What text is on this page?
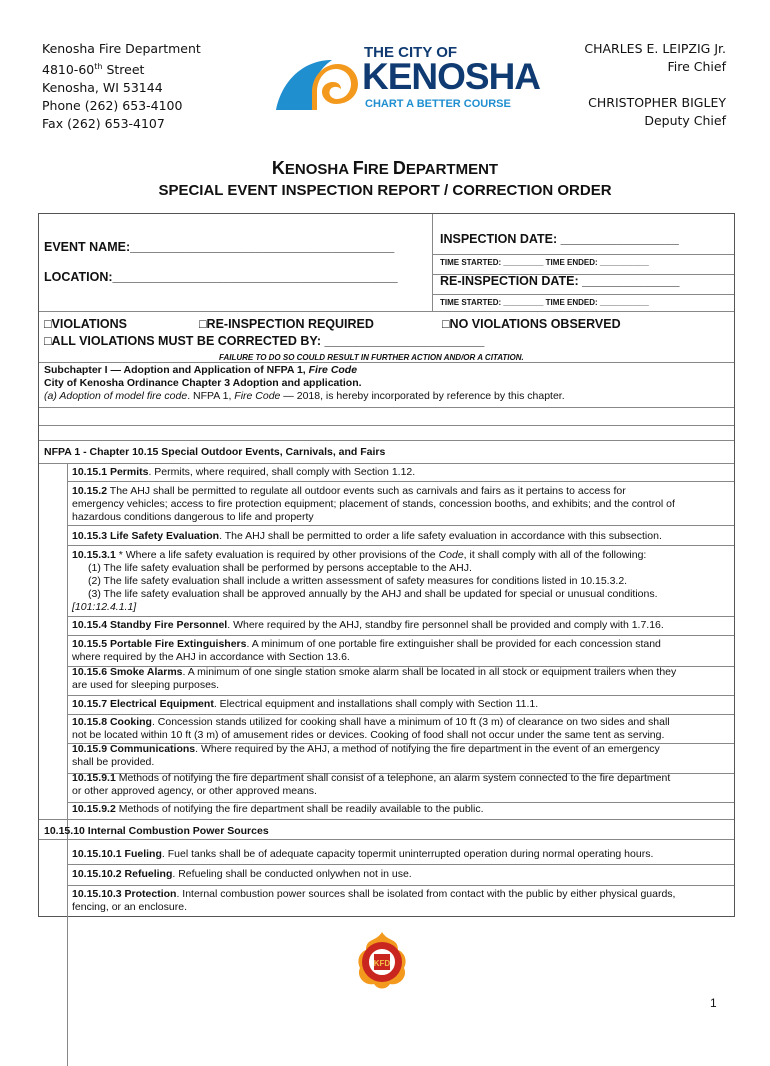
Kenosha Fire Department
4810-60th Street
Kenosha, WI 53144
Phone (262) 653-4100
Fax (262) 653-4107
THE CITY OF
KENOSHA
CHART A BETTER COURSE
CHARLES E. LEIPZIG Jr.
Fire Chief
CHRISTOPHER BIGLEY
Deputy Chief
KENOSHA FIRE DEPARTMENT
SPECIAL EVENT INSPECTION REPORT / CORRECTION ORDER
EVENT NAME:______________________________________
LOCATION:_________________________________________
INSPECTION DATE: _________________
TIME STARTED: _________ TIME ENDED: ___________
RE-INSPECTION DATE: ______________
TIME STARTED: _________ TIME ENDED: ___________
□VIOLATIONS	□RE-INSPECTION REQUIRED	□NO VIOLATIONS OBSERVED
□ALL VIOLATIONS MUST BE CORRECTED BY: _______________________
FAILURE TO DO SO COULD RESULT IN FURTHER ACTION AND/OR A CITATION.
Subchapter I — Adoption and Application of NFPA 1, Fire Code
City of Kenosha Ordinance Chapter 3 Adoption and application.
(a) Adoption of model fire code. NFPA 1, Fire Code — 2018, is hereby incorporated by reference by this chapter.
NFPA 1 - Chapter 10.15 Special Outdoor Events, Carnivals, and Fairs
10.15.10 Internal Combustion Power Sources
10.15.1 Permits. Permits, where required, shall comply with Section 1.12.
10.15.2 The AHJ shall be permitted to regulate all outdoor events such as carnivals and fairs as it pertains to access for
emergency vehicles; access to fire protection equipment; placement of stands, concession booths, and exhibits; and the control of
hazardous conditions dangerous to life and property
10.15.3 Life Safety Evaluation. The AHJ shall be permitted to order a life safety evaluation in accordance with this subsection.
10.15.3.1 * Where a life safety evaluation is required by other provisions of the Code, it shall comply with all of the following:
(1) The life safety evaluation shall be performed by persons acceptable to the AHJ.
(2) The life safety evaluation shall include a written assessment of safety measures for conditions listed in 10.15.3.2.
(3) The life safety evaluation shall be approved annually by the AHJ and shall be updated for special or unusual conditions.
[101:12.4.1.1]
10.15.4 Standby Fire Personnel. Where required by the AHJ, standby fire personnel shall be provided and comply with 1.7.16.
10.15.5 Portable Fire Extinguishers. A minimum of one portable fire extinguisher shall be provided for each concession stand
where required by the AHJ in accordance with Section 13.6.
10.15.6 Smoke Alarms. A minimum of one single station smoke alarm shall be located in all stock or equipment trailers when they
are used for sleeping purposes.
10.15.7 Electrical Equipment. Electrical equipment and installations shall comply with Section 11.1.
10.15.8 Cooking. Concession stands utilized for cooking shall have a minimum of 10 ft (3 m) of clearance on two sides and shall
not be located within 10 ft (3 m) of amusement rides or devices. Cooking of food shall not occur under the same tent as serving.
10.15.9 Communications. Where required by the AHJ, a method of notifying the fire department in the event of an emergency
shall be provided.
10.15.9.1 Methods of notifying the fire department shall consist of a telephone, an alarm system connected to the fire department
or other approved agency, or other approved means.
10.15.9.2 Methods of notifying the fire department shall be readily available to the public.
10.15.10.1 Fueling. Fuel tanks shall be of adequate capacity topermit uninterrupted operation during normal operating hours.
10.15.10.2 Refueling. Refueling shall be conducted onlywhen not in use.
10.15.10.3 Protection. Internal combustion power sources shall be isolated from contact with the public by either physical guards,
fencing, or an enclosure.
KFD
1
